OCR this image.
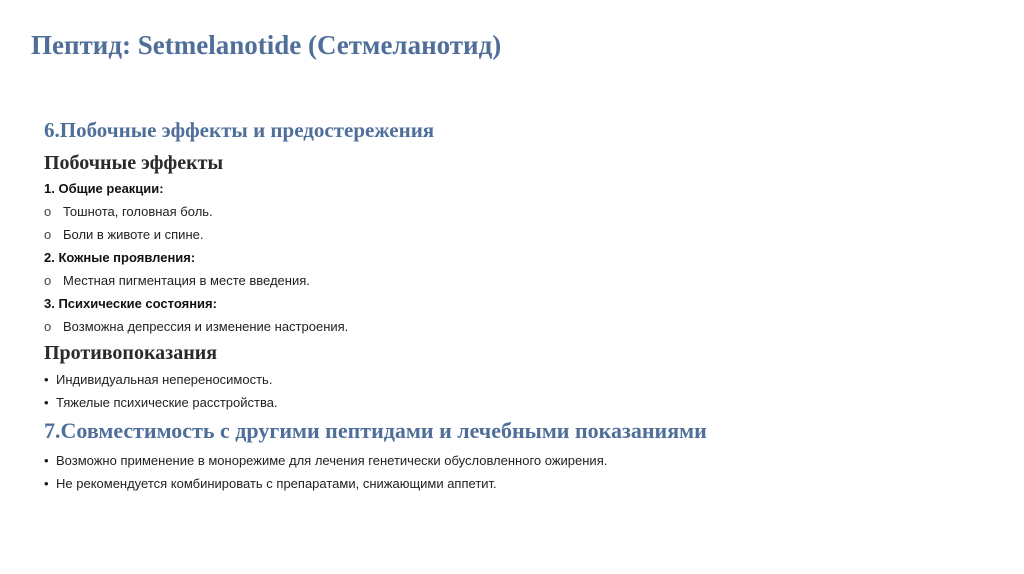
Пептид: Setmelanotide (Сетмеланотид)
6.Побочные эффекты и предостережения
Побочные эффекты
1. Общие реакции:
o Тошнота, головная боль.
o Боли в животе и спине.
2. Кожные проявления:
o Местная пигментация в месте введения.
3. Психические состояния:
o Возможна депрессия и изменение настроения.
Противопоказания
• Индивидуальная непереносимость.
• Тяжелые психические расстройства.
7.Совместимость с другими пептидами и лечебными показаниями
• Возможно применение в монорежиме для лечения генетически обусловленного ожирения.
• Не рекомендуется комбинировать с препаратами, снижающими аппетит.
